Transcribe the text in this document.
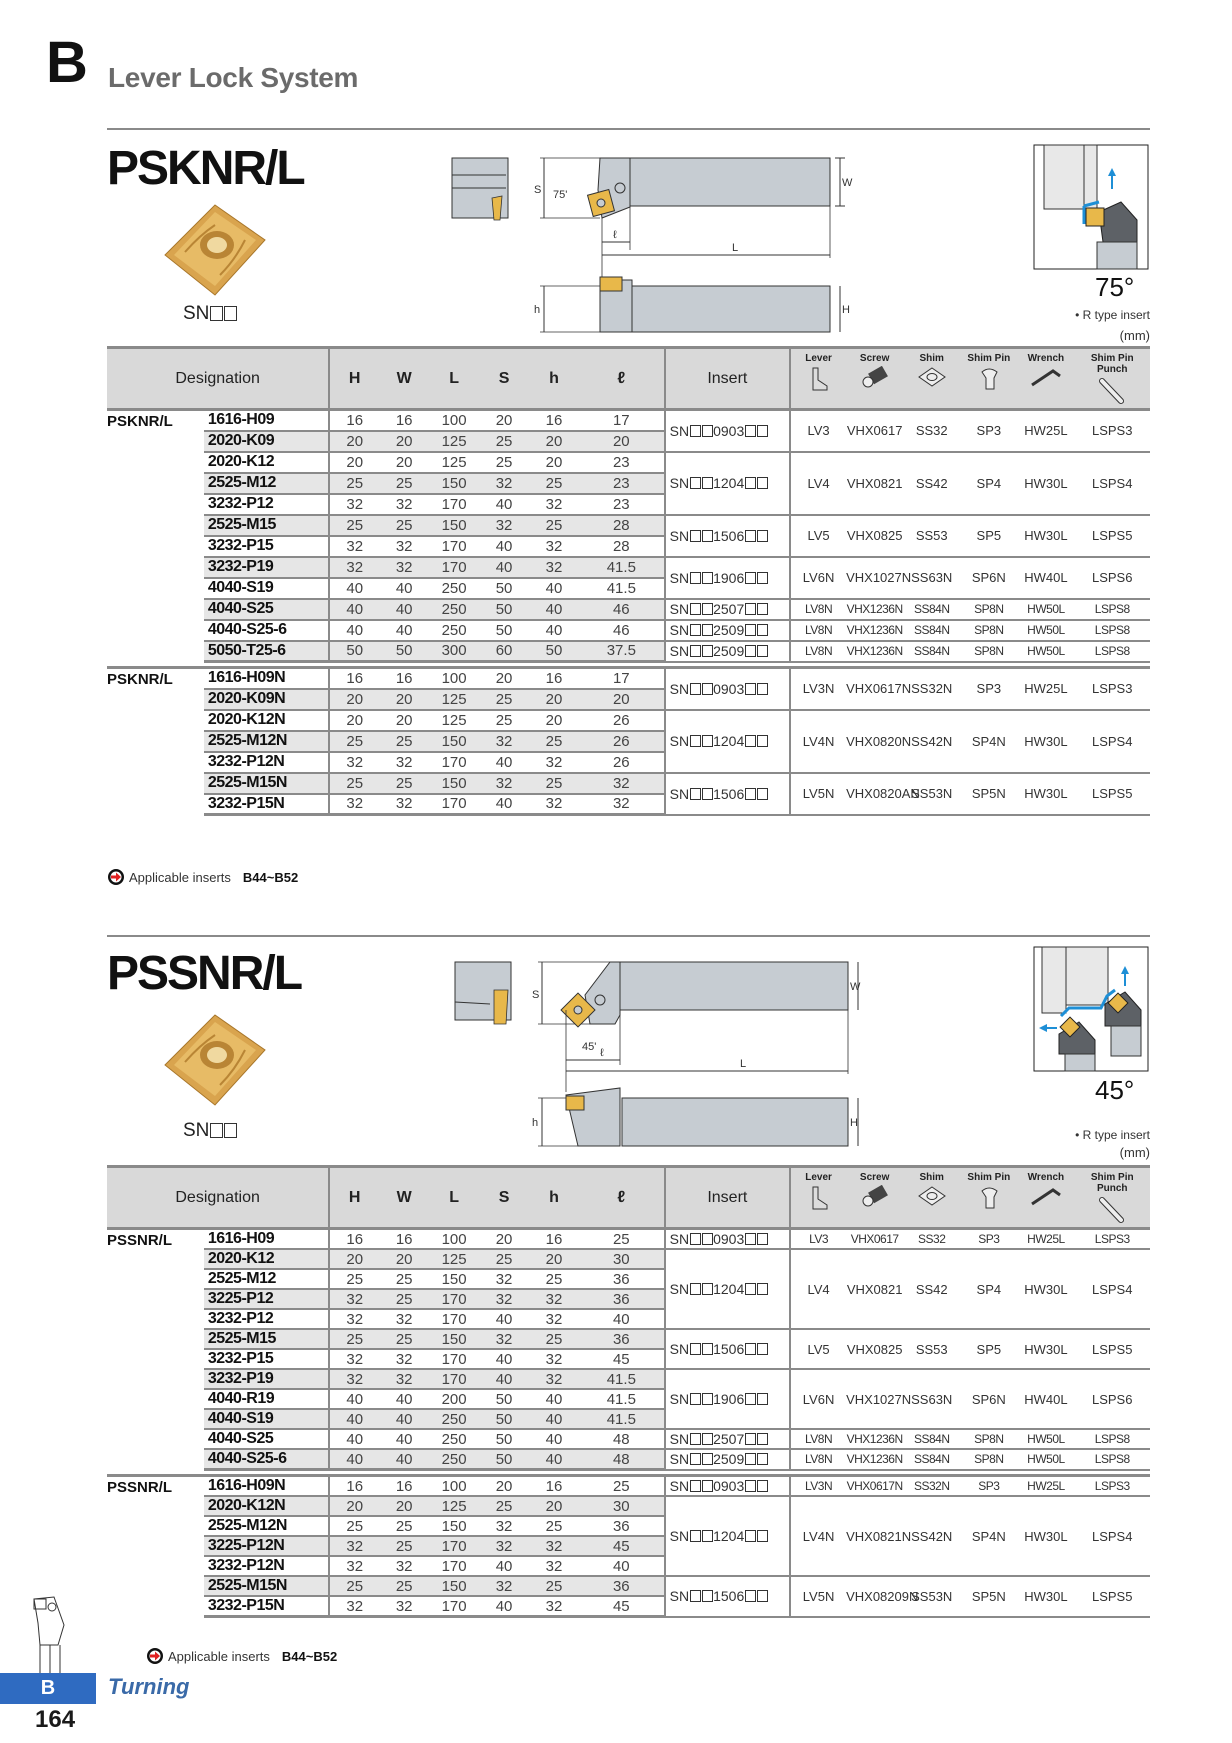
B Lever Lock System
PSKNR/L
SN
S 75'
W
ℓ
L
h	H
75°
• R type insert
(mm)
Designation		H	W	L	S	h	ℓ	Insert	Lever	Screw	Shim	Shim Pin	Wrench	Shim Pin Punch

PSKNR/L	1616-H09	16	16	100	20	16	17	SN 0903	LV3	VHX0617	SS32	SP3	HW25L	LSPS3
	2020-K09	20	20	125	25	20	20							
	2020-K12	20	20	125	25	20	23	SN 1204	LV4	VHX0821	SS42	SP4	HW30L	LSPS4
	2525-M12	25	25	150	32	25	23							
	3232-P12	32	32	170	40	32	23							
	2525-M15	25	25	150	32	25	28	SN 1506	LV5	VHX0825	SS53	SP5	HW30L	LSPS5
	3232-P15	32	32	170	40	32	28							
	3232-P19	32	32	170	40	32	41.5	SN 1906	LV6N	VHX1027N	SS63N	SP6N	HW40L	LSPS6
	4040-S19	40	40	250	50	40	41.5							
	4040-S25	40	40	250	50	40	46	SN 2507	LV8N	VHX1236N	SS84N	SP8N	HW50L	LSPS8
	4040-S25-6	40	40	250	50	40	46	SN 2509	LV8N	VHX1236N	SS84N	SP8N	HW50L	LSPS8
	5050-T25-6	50	50	300	60	50	37.5	SN 2509	LV8N	VHX1236N	SS84N	SP8N	HW50L	LSPS8

PSKNR/L	1616-H09N	16	16	100	20	16	17	SN 0903	LV3N	VHX0617N	SS32N	SP3	HW25L	LSPS3
	2020-K09N	20	20	125	25	20	20							
	2020-K12N	20	20	125	25	20	26	SN 1204	LV4N	VHX0820N	SS42N	SP4N	HW30L	LSPS4
	2525-M12N	25	25	150	32	25	26							
	3232-P12N	32	32	170	40	32	26							
	2525-M15N	25	25	150	32	25	32	SN 1506	LV5N	VHX0820AN	SS53N	SP5N	HW30L	LSPS5
	3232-P15N	32	32	170	40	32	32							
Applicable inserts B44~B52
PSSNR/L
SN
S
45'
W
ℓ
L
h	H
45°
• R type insert
(mm)
Designation		H	W	L	S	h	ℓ	Insert	Lever	Screw	Shim	Shim Pin	Wrench	Shim Pin Punch

PSSNR/L	1616-H09	16	16	100	20	16	25	SN 0903	LV3	VHX0617	SS32	SP3	HW25L	LSPS3
	2020-K12	20	20	125	25	20	30	SN 1204	LV4	VHX0821	SS42	SP4	HW30L	LSPS4
	2525-M12	25	25	150	32	25	36							
	3225-P12	32	25	170	32	32	36							
	3232-P12	32	32	170	40	32	40							
	2525-M15	25	25	150	32	25	36	SN 1506	LV5	VHX0825	SS53	SP5	HW30L	LSPS5
	3232-P15	32	32	170	40	32	45							
	3232-P19	32	32	170	40	32	41.5	SN 1906	LV6N	VHX1027N	SS63N	SP6N	HW40L	LSPS6
	4040-R19	40	40	200	50	40	41.5							
	4040-S19	40	40	250	50	40	41.5							
	4040-S25	40	40	250	50	40	48	SN 2507	LV8N	VHX1236N	SS84N	SP8N	HW50L	LSPS8
	4040-S25-6	40	40	250	50	40	48	SN 2509	LV8N	VHX1236N	SS84N	SP8N	HW50L	LSPS8

PSSNR/L	1616-H09N	16	16	100	20	16	25	SN 0903	LV3N	VHX0617N	SS32N	SP3	HW25L	LSPS3
	2020-K12N	20	20	125	25	20	30	SN 1204	LV4N	VHX0821N	SS42N	SP4N	HW30L	LSPS4
	2525-M12N	25	25	150	32	25	36							
	3225-P12N	32	25	170	32	32	45							
	3232-P12N	32	32	170	40	32	40							
	2525-M15N	25	25	150	32	25	36	SN 1506	LV5N	VHX08209N	SS53N	SP5N	HW30L	LSPS5
	3232-P15N	32	32	170	40	32	45							
Applicable inserts B44~B52
B	Turning
164
